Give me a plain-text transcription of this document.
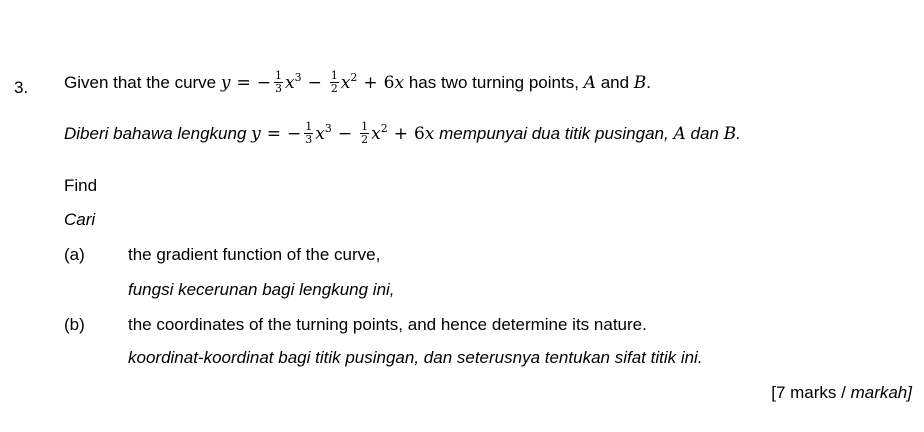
3. Given that the curve
y = − $\frac{1}{3} x^3 - \frac{1}{2} x^2 + 6$ x
has two turning points,
A
and
B .
Diberi bahawa lengkung
y = − $\frac{1}{3} x^3 - \frac{1}{2} x^2 + 6$ x
mempunyai dua titik pusingan,
A
dan
B .
Find
Cari
(a)	the gradient function of the curve,
fungsi kecerunan bagi lengkung ini,
(b)	the coordinates of the turning points, and hence determine its nature.
koordinat-koordinat bagi titik pusingan, dan seterusnya tentukan sifat titik ini.
[7 marks / markah]
